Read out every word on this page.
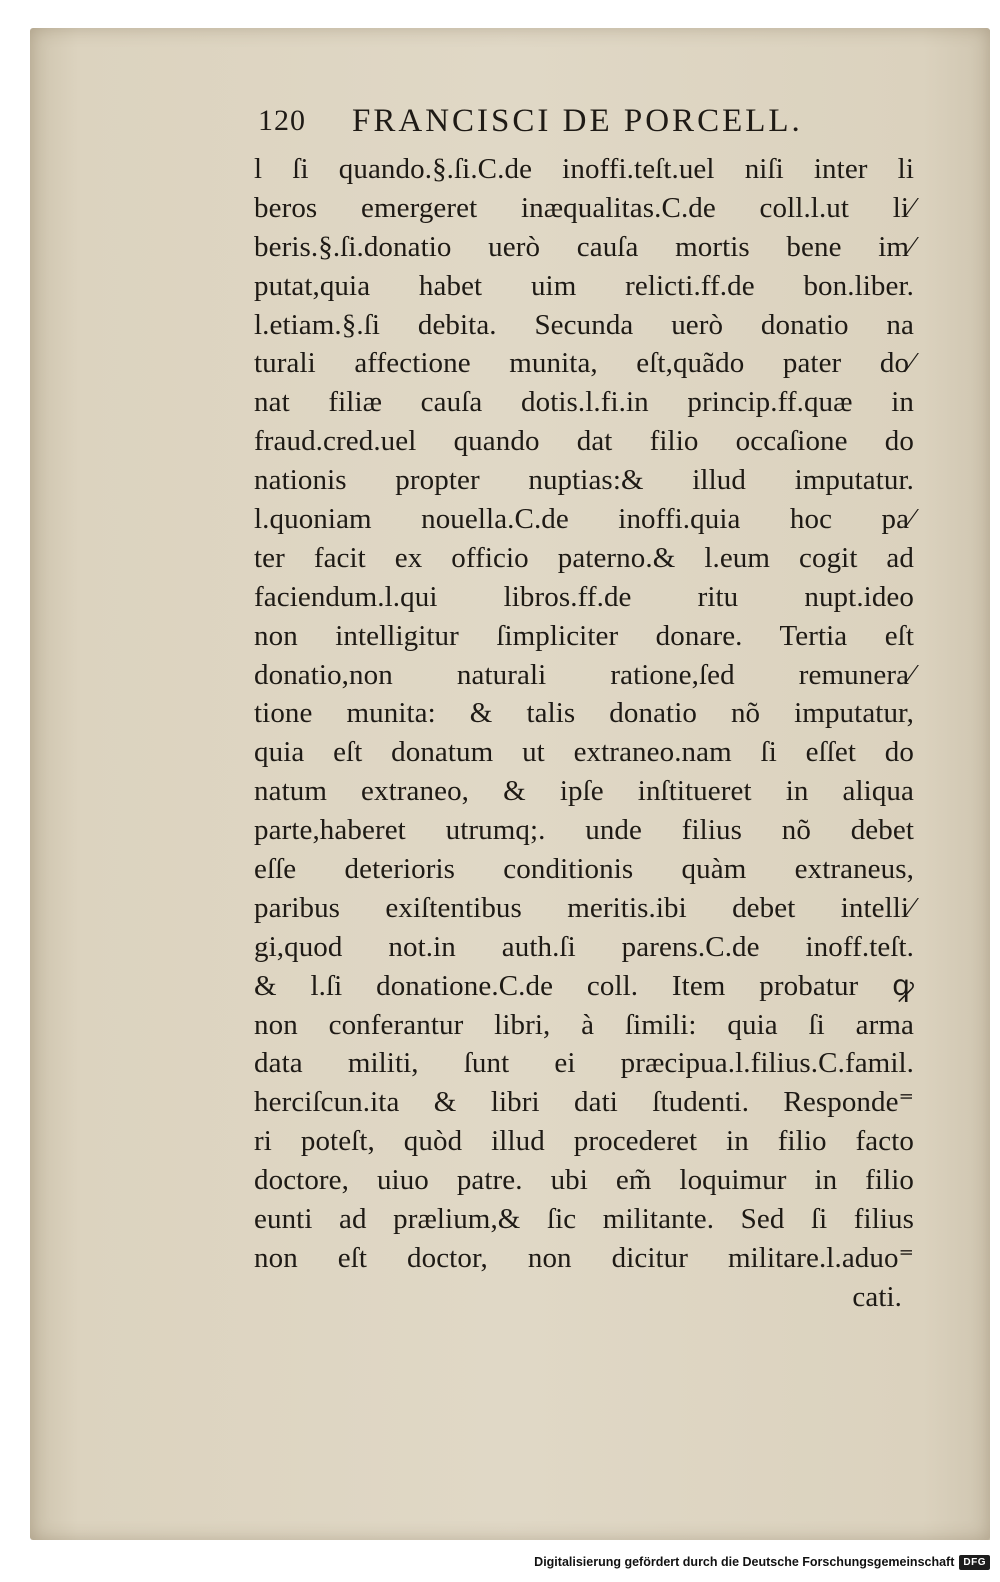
120 FRANCISCI DE PORCELL.
l ſi quando.§.ſi.C.de inoffi.teſt.uel niſi inter li
beros emergeret inæqualitas.C.de coll.l.ut li⁄
beris.§.ſi.donatio uerò cauſa mortis bene im⁄
putat,quia habet uim relicti.ff.de bon.liber.
l.etiam.§.ſi debita. Secunda uerò donatio na
turali affectione munita, eſt,quãdo pater do⁄
nat filiæ cauſa dotis.l.fi.in princip.ff.quæ in
fraud.cred.uel quando dat filio occaſione do
nationis propter nuptias:& illud imputatur.
l.quoniam nouella.C.de inoffi.quia hoc pa⁄
ter facit ex officio paterno.& l.eum cogit ad
faciendum.l.qui libros.ff.de ritu nupt.ideo
non intelligitur ſimpliciter donare. Tertia eſt
donatio,non naturali ratione,ſed remunera⁄
tione munita: & talis donatio nõ imputatur,
quia eſt donatum ut extraneo.nam ſi eſſet do
natum extraneo, & ipſe inſtitueret in aliqua
parte,haberet utrumq;. unde filius nõ debet
eſſe deterioris conditionis quàm extraneus,
paribus exiſtentibus meritis.ibi debet intelli⁄
gi,quod not.in auth.ſi parens.C.de inoff.teſt.
& l.ſi donatione.C.de coll. Item probatur ꝙ
non conferantur libri, à ſimili: quia ſi arma
data militi, ſunt ei præcipua.l.filius.C.famil.
herciſcun.ita & libri dati ſtudenti. Responde⁼
ri poteſt, quòd illud procederet in filio facto
doctore, uiuo patre. ubi em̃ loquimur in filio
eunti ad prælium,& ſic militante. Sed ſi filius
non eſt doctor, non dicitur militare.l.aduo⁼
cati.
Digitalisierung gefördert durch die Deutsche Forschungsgemeinschaft DFG
